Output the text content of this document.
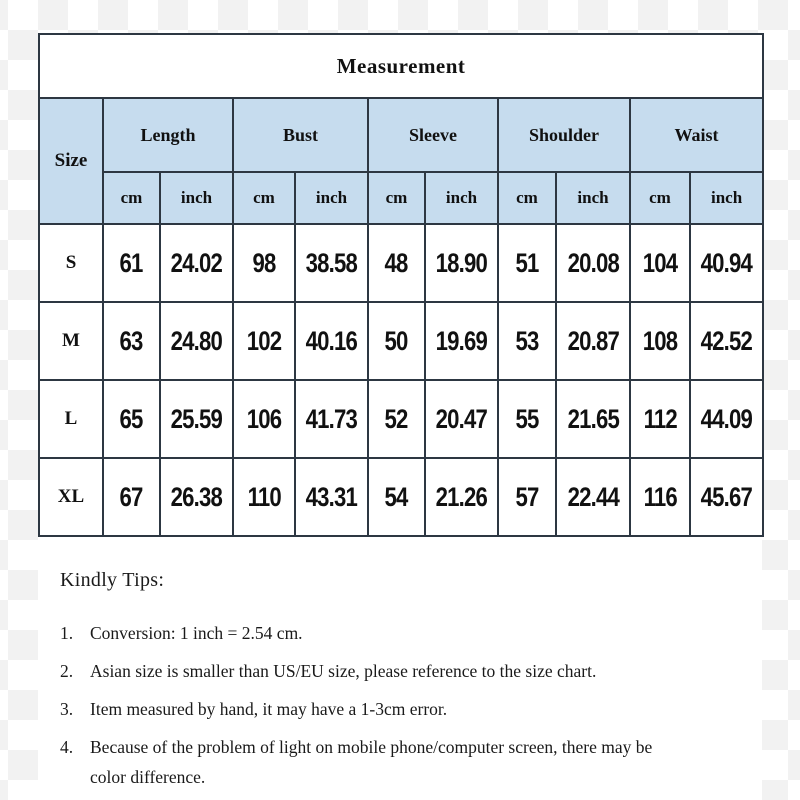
Measurement										
Size	Length		Bust		Sleeve		Shoulder		Waist	
	cm	inch	cm	inch	cm	inch	cm	inch	cm	inch
S	61	24.02	98	38.58	48	18.90	51	20.08	104	40.94
M	63	24.80	102	40.16	50	19.69	53	20.87	108	42.52
L	65	25.59	106	41.73	52	20.47	55	21.65	112	44.09
XL	67	26.38	110	43.31	54	21.26	57	22.44	116	45.67
Kindly Tips:
1. Conversion: 1 inch = 2.54 cm.
2. Asian size is smaller than US/EU size, please reference to the size chart.
3. Item measured by hand, it may have a 1-3cm error.
4. Because of the problem of light on mobile phone/computer screen, there may be color difference.
